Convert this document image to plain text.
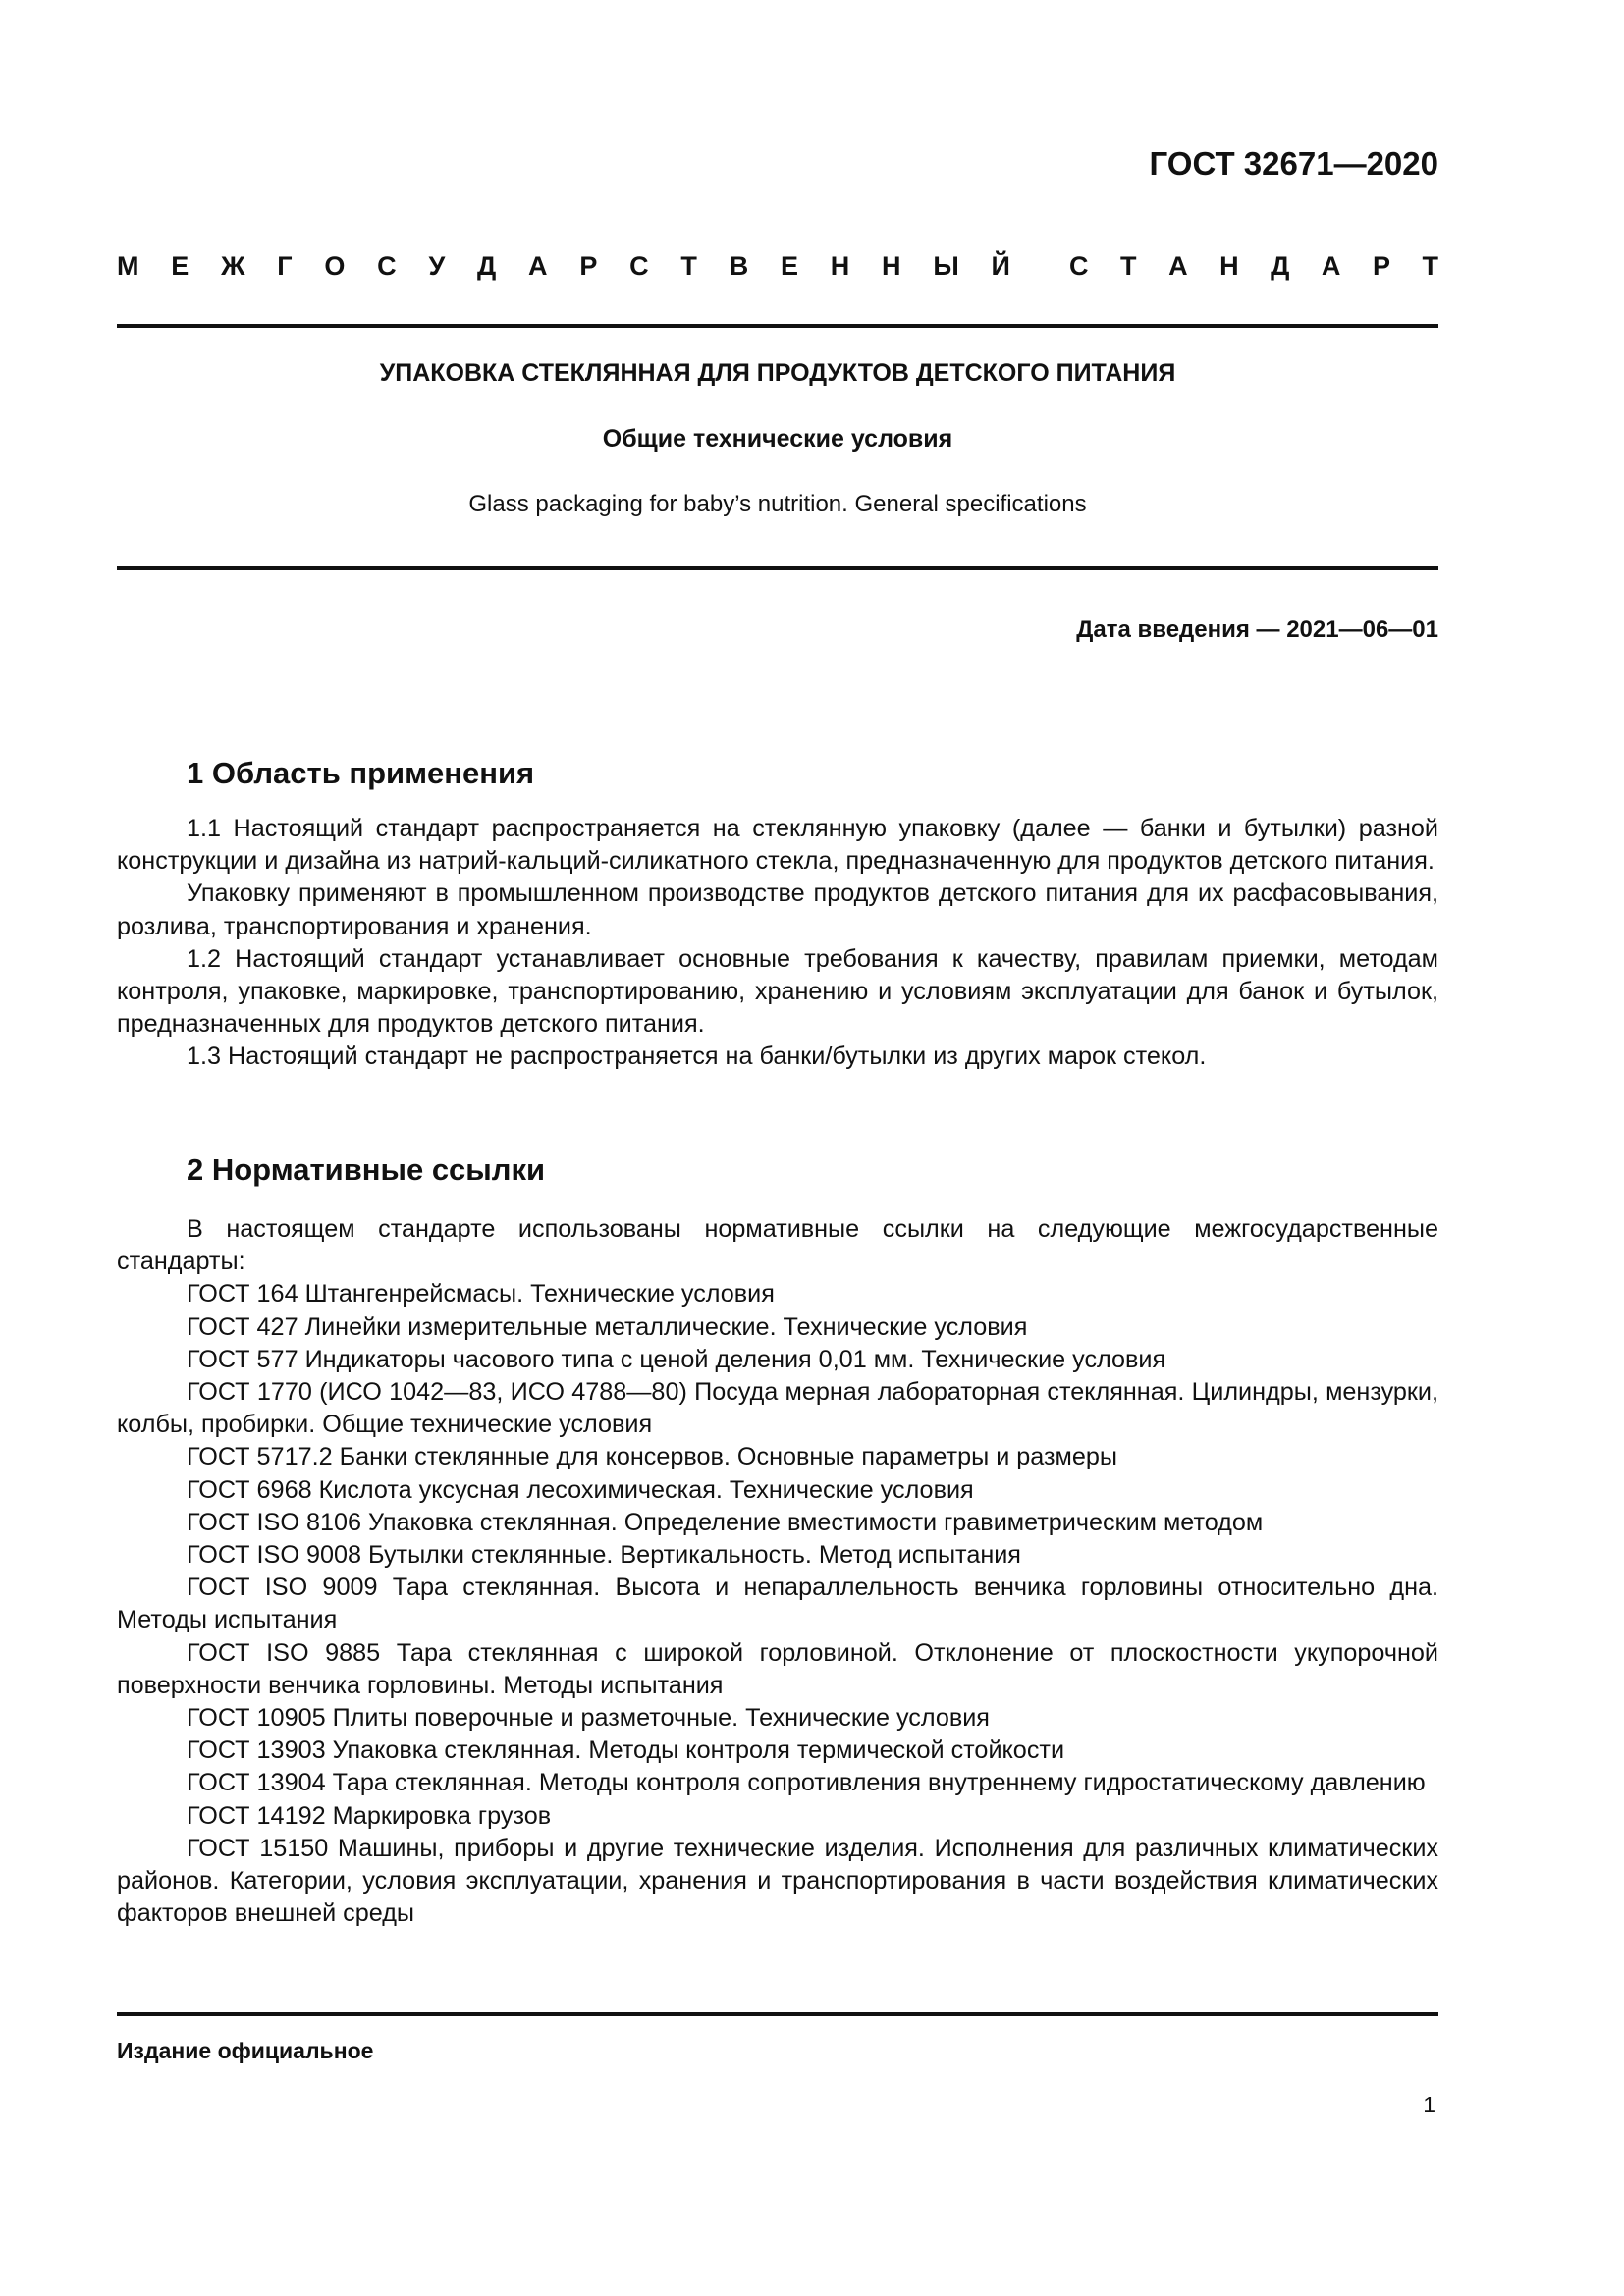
ГОСТ 32671—2020
М Е Ж Г О С У Д А Р С Т В Е Н Н Ы Й С Т А Н Д А Р Т
УПАКОВКА СТЕКЛЯННАЯ ДЛЯ ПРОДУКТОВ ДЕТСКОГО ПИТАНИЯ
Общие технические условия
Glass packaging for baby’s nutrition. General specifications
Дата введения — 2021—06—01
1 Область применения

1.1 Настоящий стандарт распространяется на стеклянную упаковку (далее — банки и бутылки) разной конструкции и дизайна из натрий-кальций-силикатного стекла, предназначенную для продуктов детского питания.

Упаковку применяют в промышленном производстве продуктов детского питания для их расфасовывания, розлива, транспортирования и хранения.

1.2 Настоящий стандарт устанавливает основные требования к качеству, правилам приемки, методам контроля, упаковке, маркировке, транспортированию, хранению и условиям эксплуатации для банок и бутылок, предназначенных для продуктов детского питания.

1.3 Настоящий стандарт не распространяется на банки/бутылки из других марок стекол.

2 Нормативные ссылки

В настоящем стандарте использованы нормативные ссылки на следующие межгосударственные стандарты:

ГОСТ 164 Штангенрейсмасы. Технические условия

ГОСТ 427 Линейки измерительные металлические. Технические условия

ГОСТ 577 Индикаторы часового типа с ценой деления 0,01 мм. Технические условия

ГОСТ 1770 (ИСО 1042—83, ИСО 4788—80) Посуда мерная лабораторная стеклянная. Цилиндры, мензурки, колбы, пробирки. Общие технические условия

ГОСТ 5717.2 Банки стеклянные для консервов. Основные параметры и размеры

ГОСТ 6968 Кислота уксусная лесохимическая. Технические условия

ГОСТ ISO 8106 Упаковка стеклянная. Определение вместимости гравиметрическим методом

ГОСТ ISO 9008 Бутылки стеклянные. Вертикальность. Метод испытания

ГОСТ ISO 9009 Тара стеклянная. Высота и непараллельность венчика горловины относительно дна. Методы испытания

ГОСТ ISO 9885 Тара стеклянная с широкой горловиной. Отклонение от плоскостности укупорочной поверхности венчика горловины. Методы испытания

ГОСТ 10905 Плиты поверочные и разметочные. Технические условия

ГОСТ 13903 Упаковка стеклянная. Методы контроля термической стойкости

ГОСТ 13904 Тара стеклянная. Методы контроля сопротивления внутреннему гидростатическому давлению

ГОСТ 14192 Маркировка грузов

ГОСТ 15150 Машины, приборы и другие технические изделия. Исполнения для различных климатических районов. Категории, условия эксплуатации, хранения и транспортирования в части воздействия климатических факторов внешней среды

Издание официальное
1
